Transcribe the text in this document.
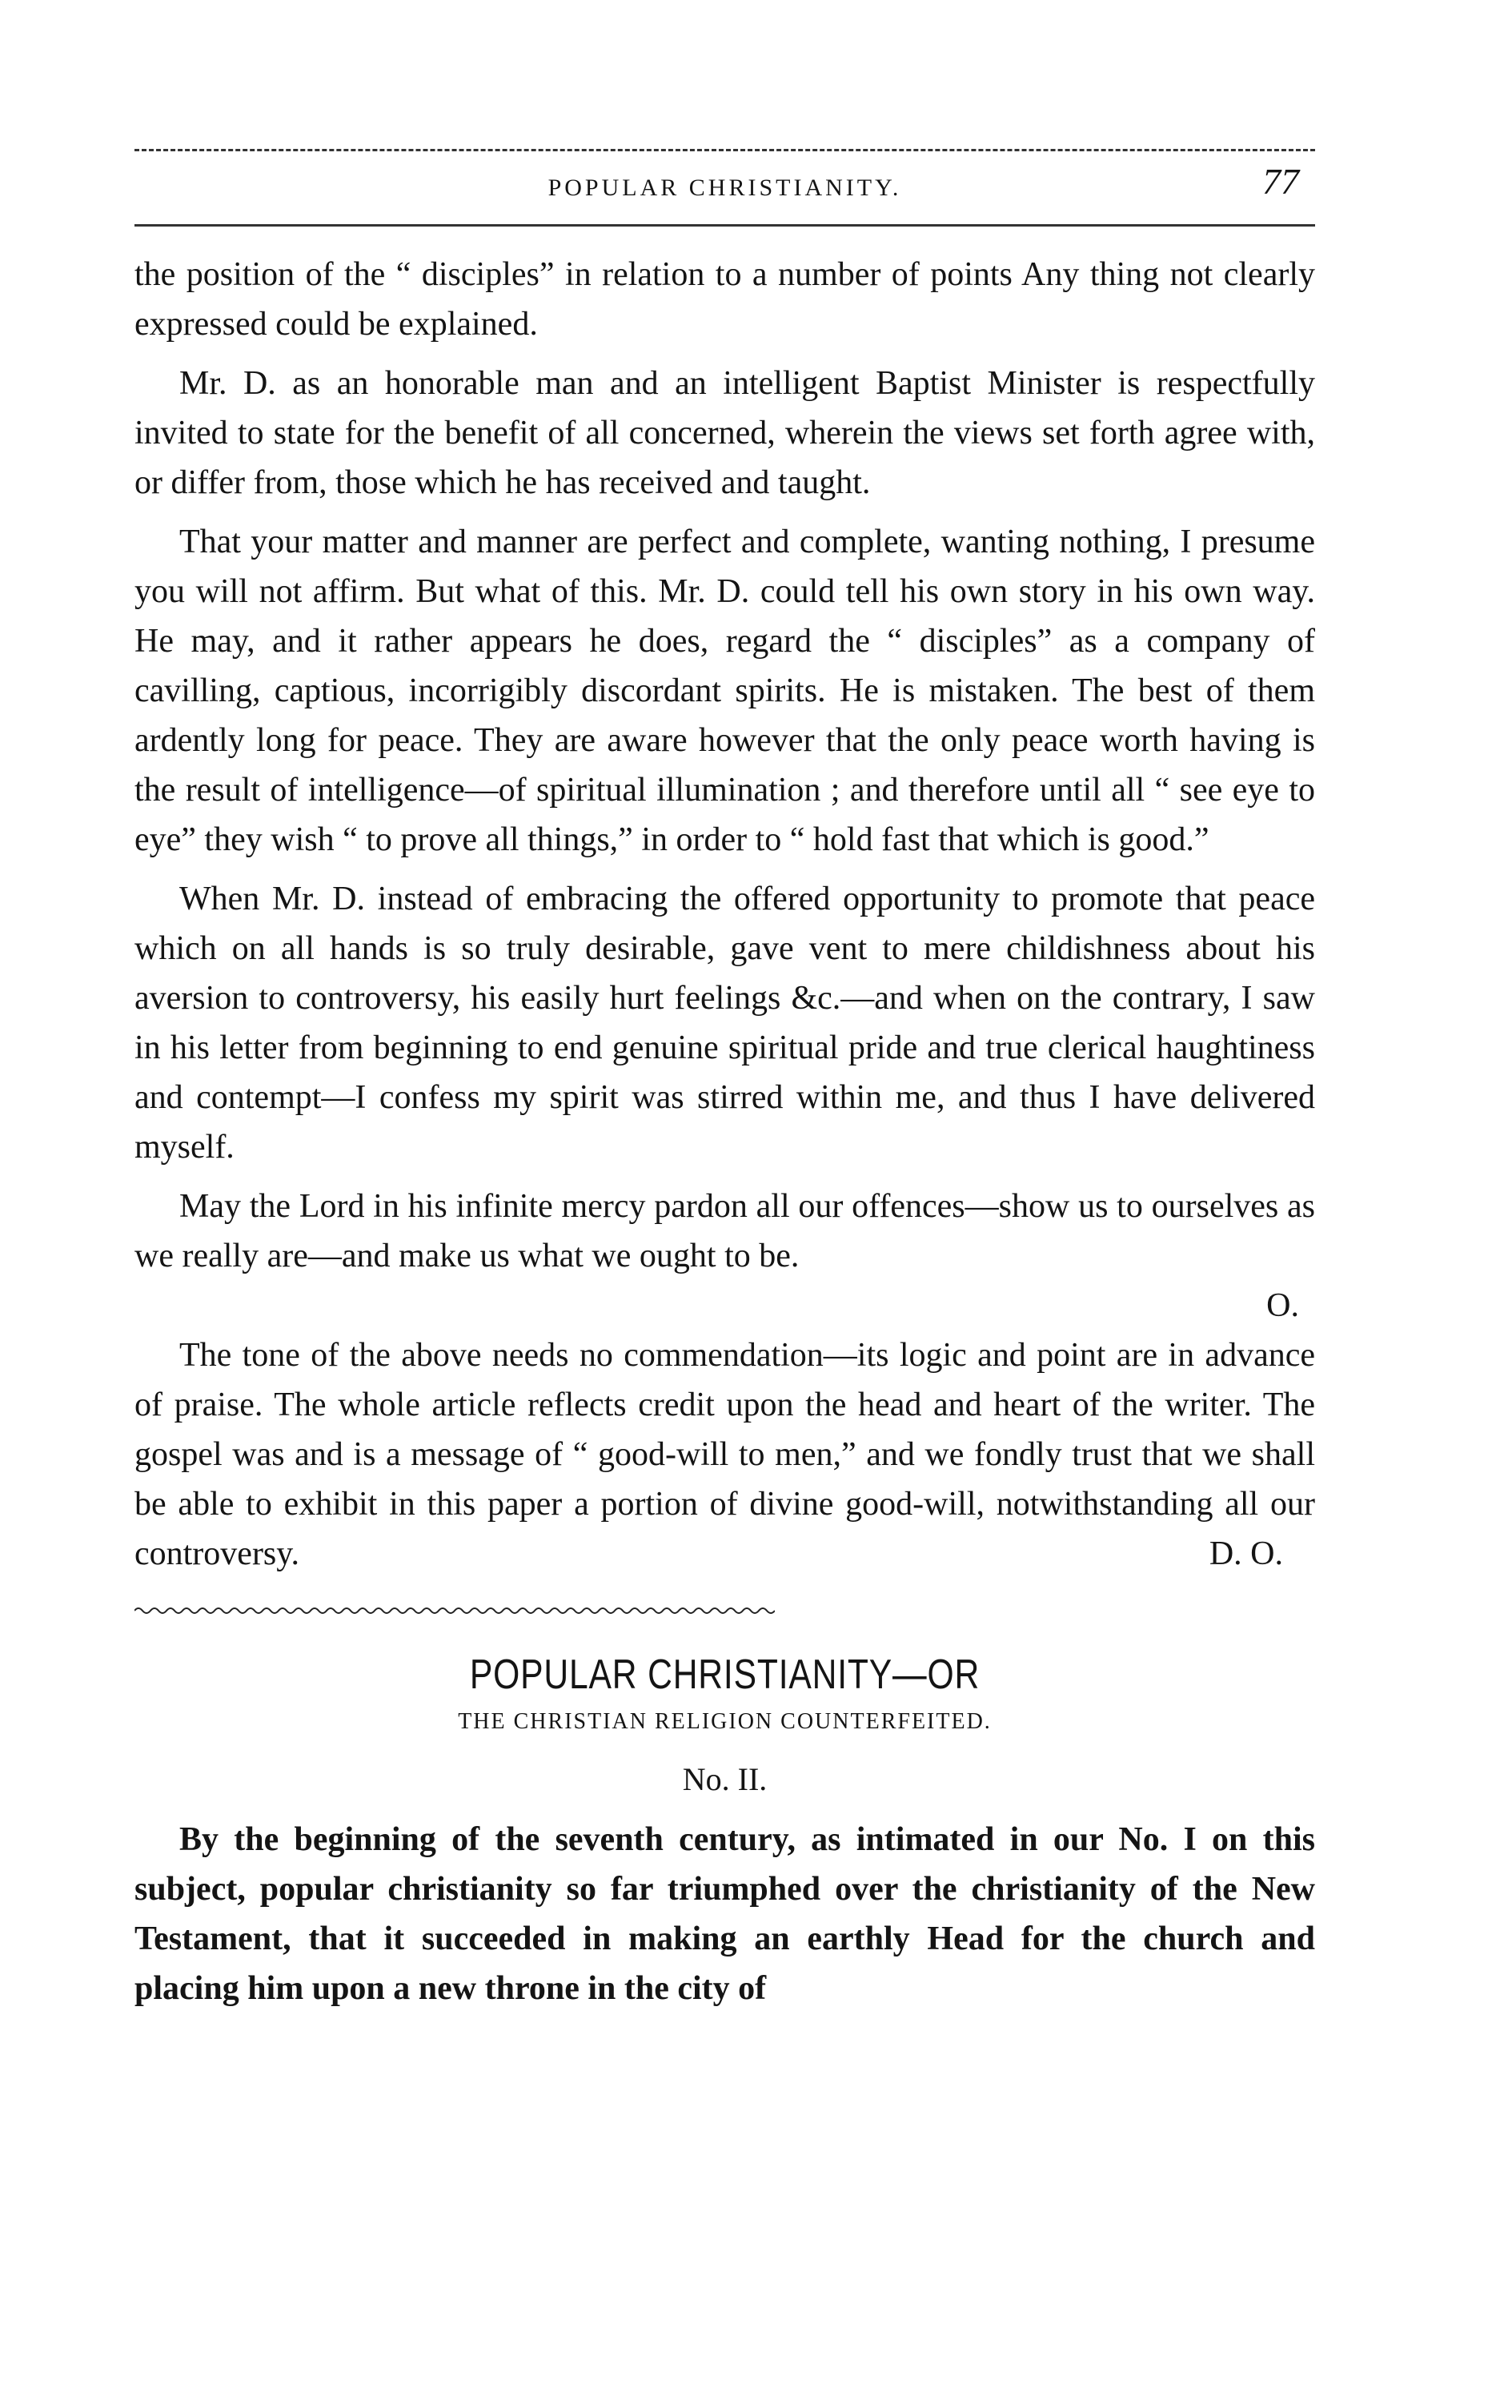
POPULAR CHRISTIANITY.	77

the position of the “ disciples” in relation to a number of points Any thing not clearly expressed could be explained.

Mr. D. as an honorable man and an intelligent Baptist Minister is respectfully invited to state for the benefit of all concerned, wherein the views set forth agree with, or differ from, those which he has received and taught.

That your matter and manner are perfect and complete, wanting nothing, I presume you will not affirm. But what of this. Mr. D. could tell his own story in his own way. He may, and it rather appears he does, regard the “ disciples” as a company of cavilling, captious, incorrigibly discordant spirits. He is mistaken. The best of them ardently long for peace. They are aware however that the only peace worth having is the result of intelligence—of spiritual illumination ; and therefore until all “ see eye to eye” they wish “ to prove all things,” in order to “ hold fast that which is good.”

When Mr. D. instead of embracing the offered opportunity to promote that peace which on all hands is so truly desirable, gave vent to mere childishness about his aversion to controversy, his easily hurt feelings &c.—and when on the contrary, I saw in his letter from beginning to end genuine spiritual pride and true clerical haughtiness and contempt—I confess my spirit was stirred within me, and thus I have delivered myself.

May the Lord in his infinite mercy pardon all our offences—show us to ourselves as we really are—and make us what we ought to be.

O.

The tone of the above needs no commendation—its logic and point are in advance of praise. The whole article reflects credit upon the head and heart of the writer. The gospel was and is a message of “ good-will to men,” and we fondly trust that we shall be able to exhibit in this paper a portion of divine good-will, notwithstanding all our controversy.	D. O.

POPULAR CHRISTIANITY—OR
THE CHRISTIAN RELIGION COUNTERFEITED.
No. II.

By the beginning of the seventh century, as intimated in our No. I on this subject, popular christianity so far triumphed over the christianity of the New Testament, that it succeeded in making an earthly Head for the church and placing him upon a new throne in the city of
